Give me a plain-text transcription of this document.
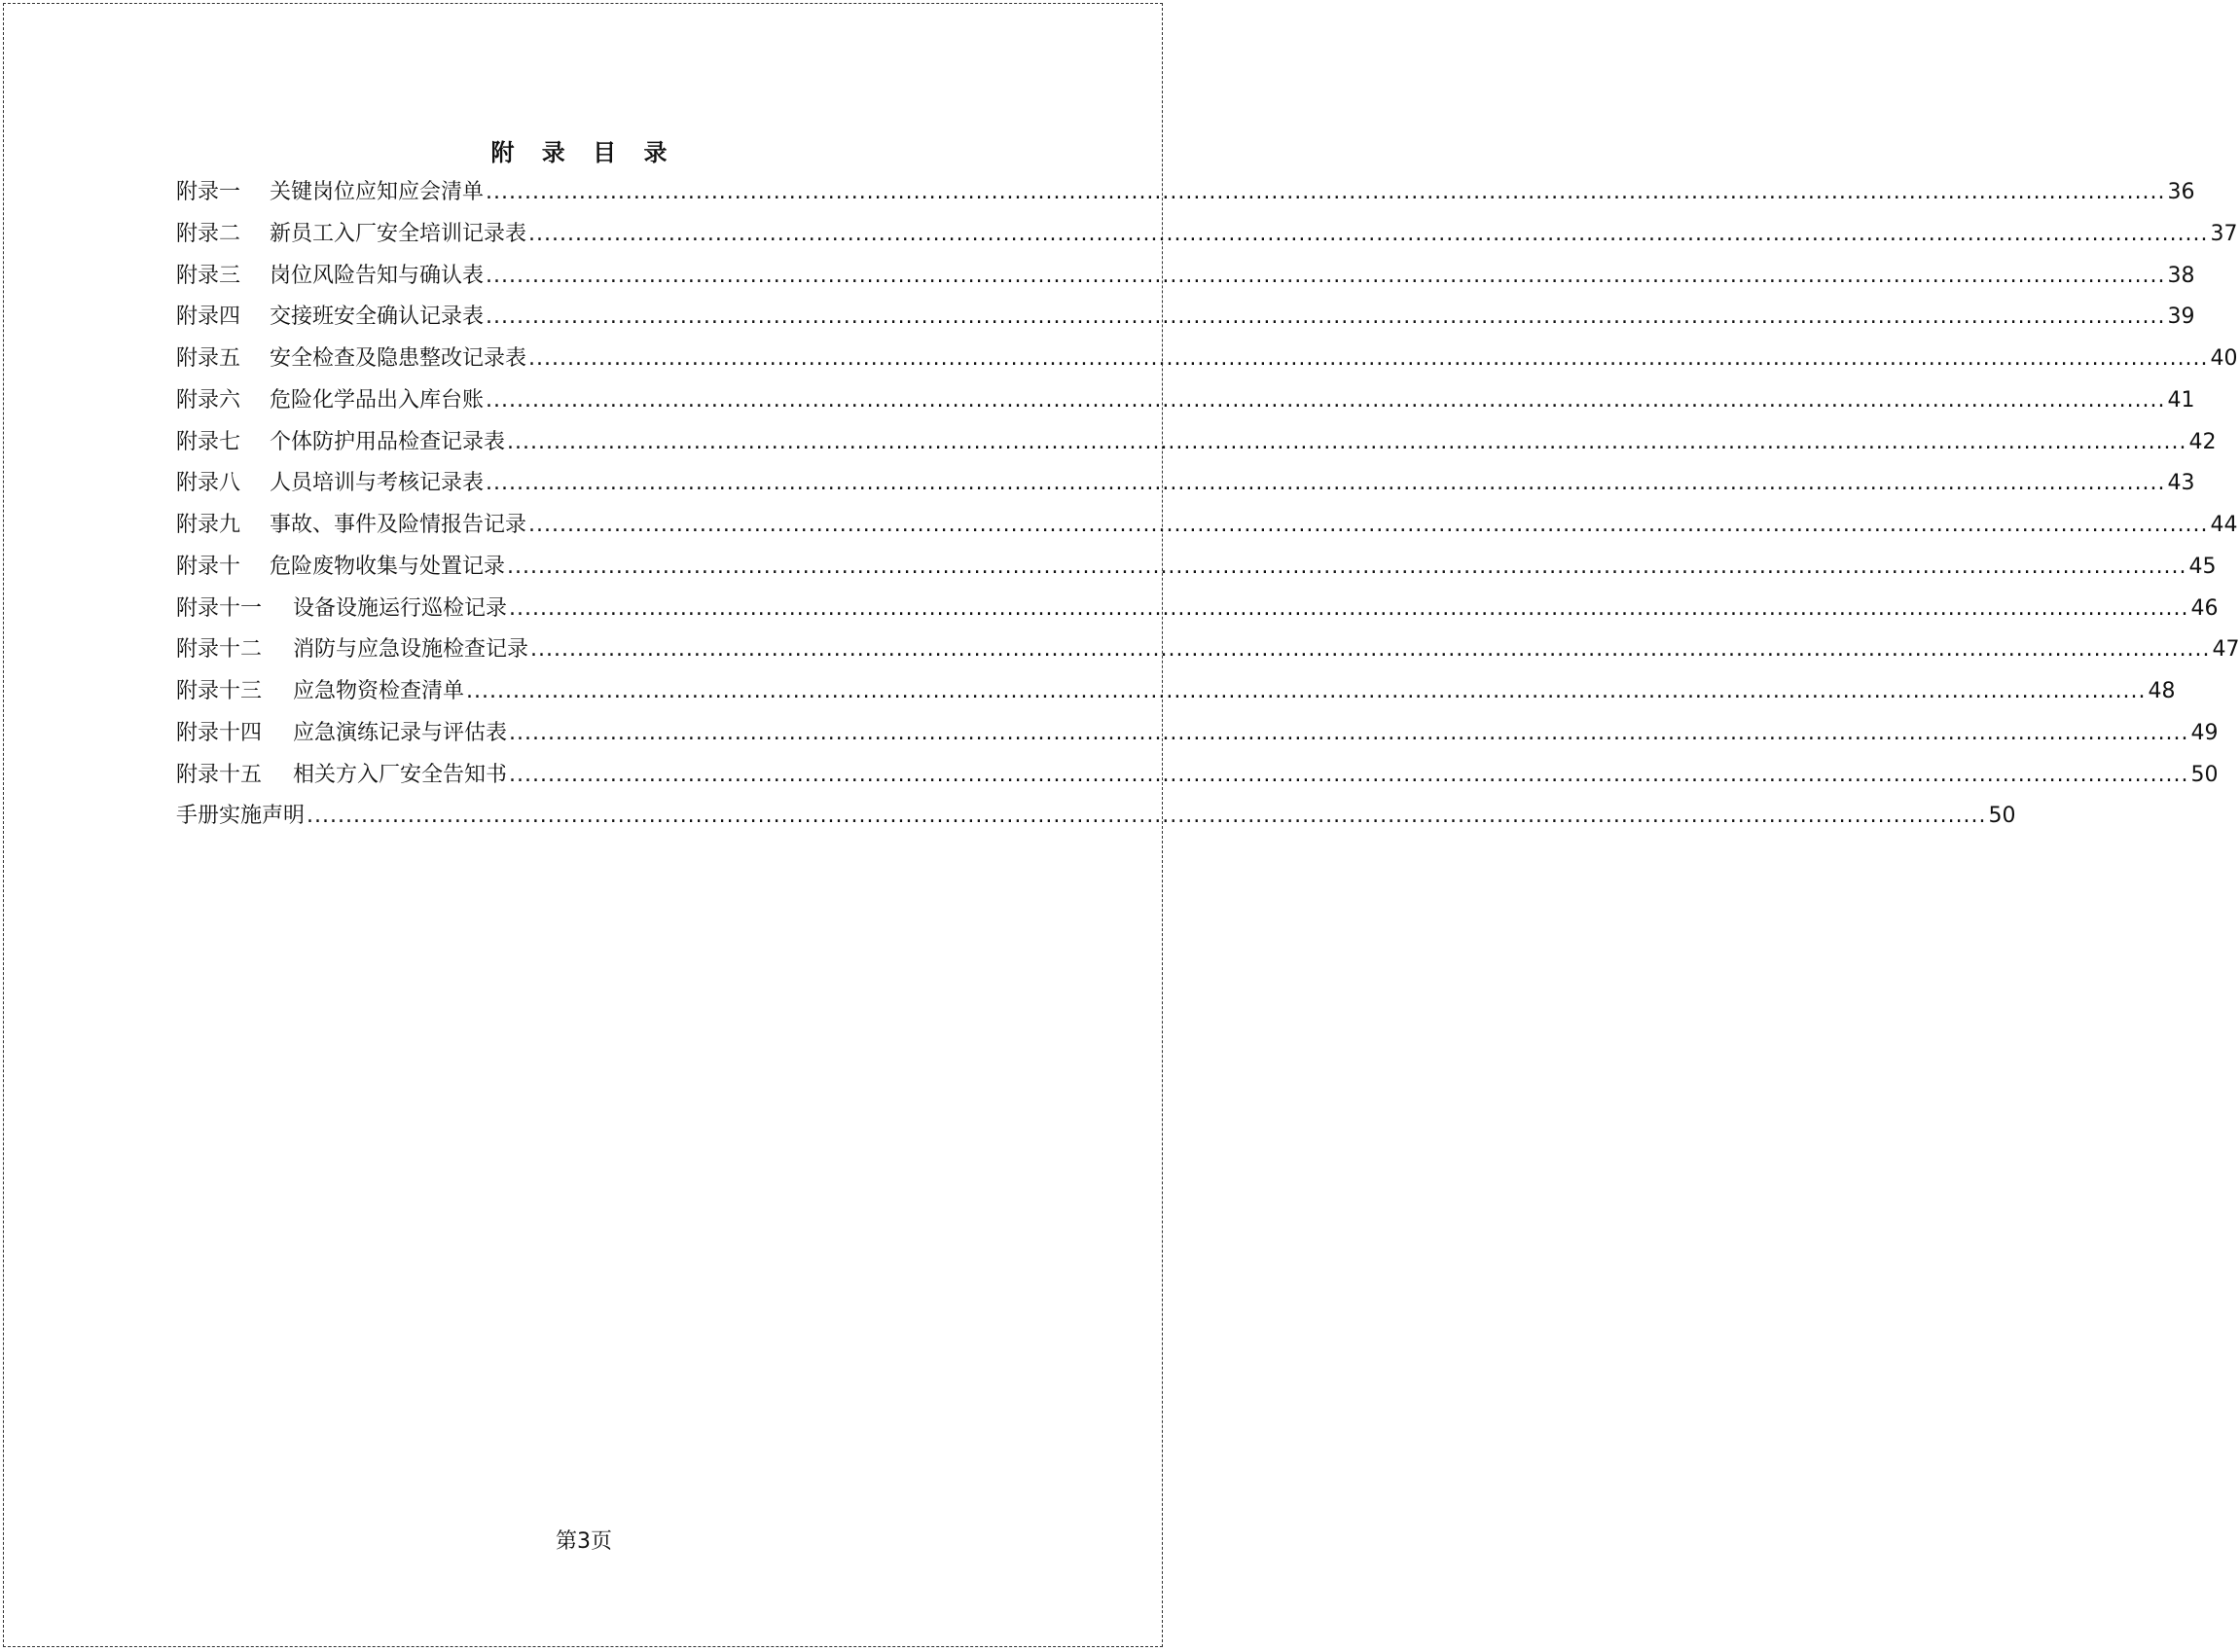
附 录 目 录
附录一	关键岗位应知应会清单 ........................................................................................................................................................................................................................ 36
附录二	新员工入厂安全培训记录表 ........................................................................................................................................................................................................................ 37
附录三	岗位风险告知与确认表 ........................................................................................................................................................................................................................ 38
附录四	交接班安全确认记录表 ........................................................................................................................................................................................................................ 39
附录五	安全检查及隐患整改记录表 ........................................................................................................................................................................................................................ 40
附录六	危险化学品出入库台账 ........................................................................................................................................................................................................................ 41
附录七	个体防护用品检查记录表 ........................................................................................................................................................................................................................ 42
附录八	人员培训与考核记录表 ........................................................................................................................................................................................................................ 43
附录九	事故、事件及险情报告记录 ........................................................................................................................................................................................................................ 44
附录十	危险废物收集与处置记录 ........................................................................................................................................................................................................................ 45
附录十一	设备设施运行巡检记录 ........................................................................................................................................................................................................................ 46
附录十二	消防与应急设施检查记录 ........................................................................................................................................................................................................................ 47
附录十三	应急物资检查清单 ........................................................................................................................................................................................................................ 48
附录十四	应急演练记录与评估表 ........................................................................................................................................................................................................................ 49
附录十五	相关方入厂安全告知书 ........................................................................................................................................................................................................................ 50
手册实施声明 ........................................................................................................................................................................................................................ 50
第3页
